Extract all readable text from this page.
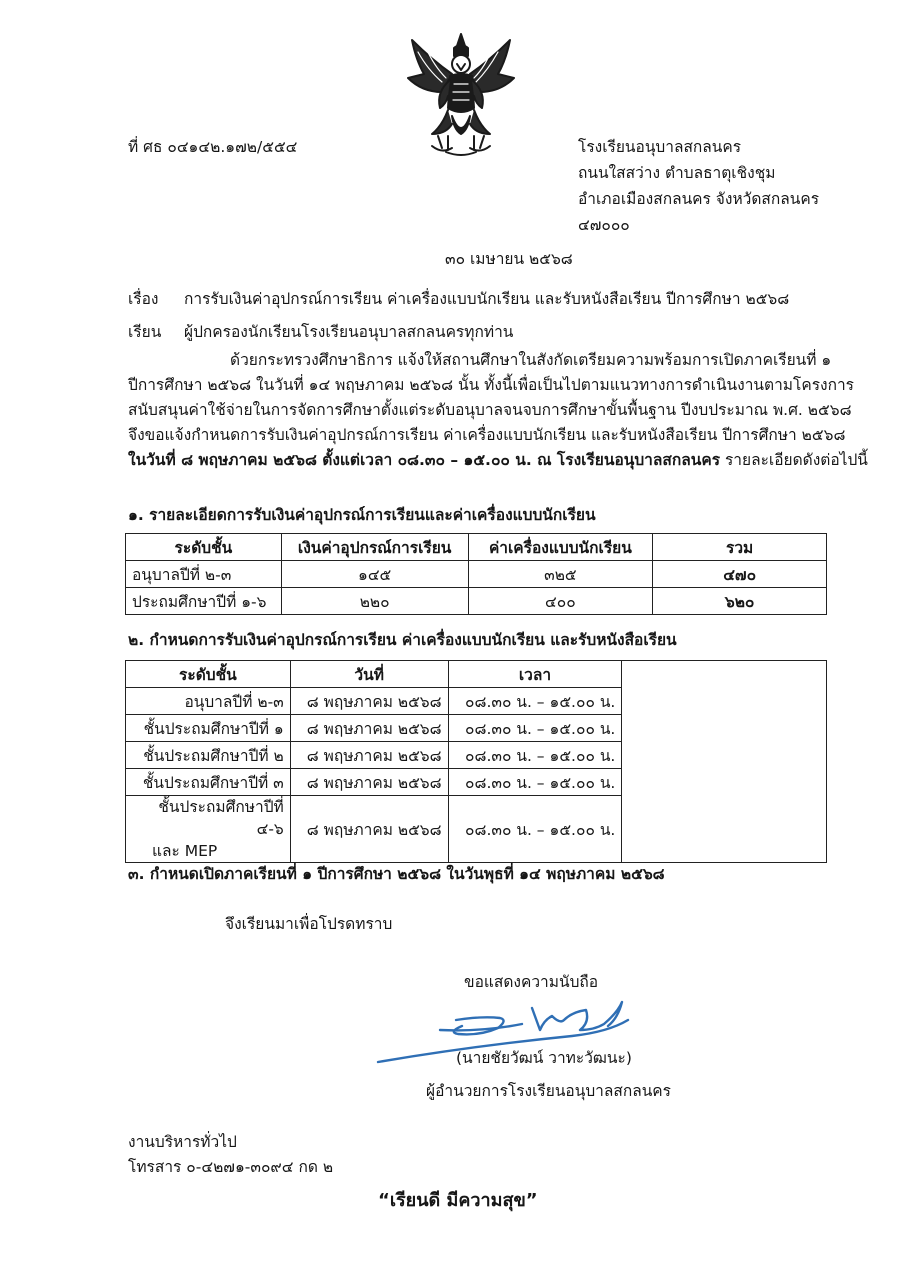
ที่ ศธ ๐๔๑๔๒.๑๗๒/๕๕๔	โรงเรียนอนุบาลสกลนคร
ถนนใสสว่าง ตำบลธาตุเชิงชุม
อำเภอเมืองสกลนคร จังหวัดสกลนคร
๔๗๐๐๐
๓๐ เมษายน ๒๕๖๘
เรื่อง การรับเงินค่าอุปกรณ์การเรียน ค่าเครื่องแบบนักเรียน และรับหนังสือเรียน ปีการศึกษา ๒๕๖๘
เรียน ผู้ปกครองนักเรียนโรงเรียนอนุบาลสกลนครทุกท่าน
ด้วยกระทรวงศึกษาธิการ แจ้งให้สถานศึกษาในสังกัดเตรียมความพร้อมการเปิดภาคเรียนที่ ๑
ปีการศึกษา ๒๕๖๘ ในวันที่ ๑๔ พฤษภาคม ๒๕๖๘ นั้น ทั้งนี้เพื่อเป็นไปตามแนวทางการดำเนินงานตามโครงการ
สนับสนุนค่าใช้จ่ายในการจัดการศึกษาตั้งแต่ระดับอนุบาลจนจบการศึกษาขั้นพื้นฐาน ปีงบประมาณ พ.ศ. ๒๕๖๘
จึงขอแจ้งกำหนดการรับเงินค่าอุปกรณ์การเรียน ค่าเครื่องแบบนักเรียน และรับหนังสือเรียน ปีการศึกษา ๒๕๖๘
ในวันที่ ๘ พฤษภาคม ๒๕๖๘ ตั้งแต่เวลา ๐๘.๓๐ – ๑๕.๐๐ น. ณ โรงเรียนอนุบาลสกลนคร รายละเอียดดังต่อไปนี้
๑. รายละเอียดการรับเงินค่าอุปกรณ์การเรียนและค่าเครื่องแบบนักเรียน
ระดับชั้น	เงินค่าอุปกรณ์การเรียน	ค่าเครื่องแบบนักเรียน	รวม
อนุบาลปีที่ ๒-๓	๑๔๕	๓๒๕	๔๗๐
ประถมศึกษาปีที่ ๑-๖	๒๒๐	๔๐๐	๖๒๐
๒. กำหนดการรับเงินค่าอุปกรณ์การเรียน ค่าเครื่องแบบนักเรียน และรับหนังสือเรียน
ระดับชั้น	วันที่	เวลา	
อนุบาลปีที่ ๒-๓	๘ พฤษภาคม ๒๕๖๘	๐๘.๓๐ น. – ๑๕.๐๐ น.	
ชั้นประถมศึกษาปีที่ ๑	๘ พฤษภาคม ๒๕๖๘	๐๘.๓๐ น. – ๑๕.๐๐ น.	
ชั้นประถมศึกษาปีที่ ๒	๘ พฤษภาคม ๒๕๖๘	๐๘.๓๐ น. – ๑๕.๐๐ น.	
ชั้นประถมศึกษาปีที่ ๓	๘ พฤษภาคม ๒๕๖๘	๐๘.๓๐ น. – ๑๕.๐๐ น.	

ชั้นประถมศึกษาปีที่ ๔-๖
และ MEP	๘ พฤษภาคม ๒๕๖๘	๐๘.๓๐ น. – ๑๕.๐๐ น.	
๓. กำหนดเปิดภาคเรียนที่ ๑ ปีการศึกษา ๒๕๖๘ ในวันพุธที่ ๑๔ พฤษภาคม ๒๕๖๘
จึงเรียนมาเพื่อโปรดทราบ
ขอแสดงความนับถือ
(นายชัยวัฒน์ วาทะวัฒนะ)
ผู้อำนวยการโรงเรียนอนุบาลสกลนคร
งานบริหารทั่วไป
โทรสาร ๐-๔๒๗๑-๓๐๙๔ กด ๒
“เรียนดี มีความสุข”
